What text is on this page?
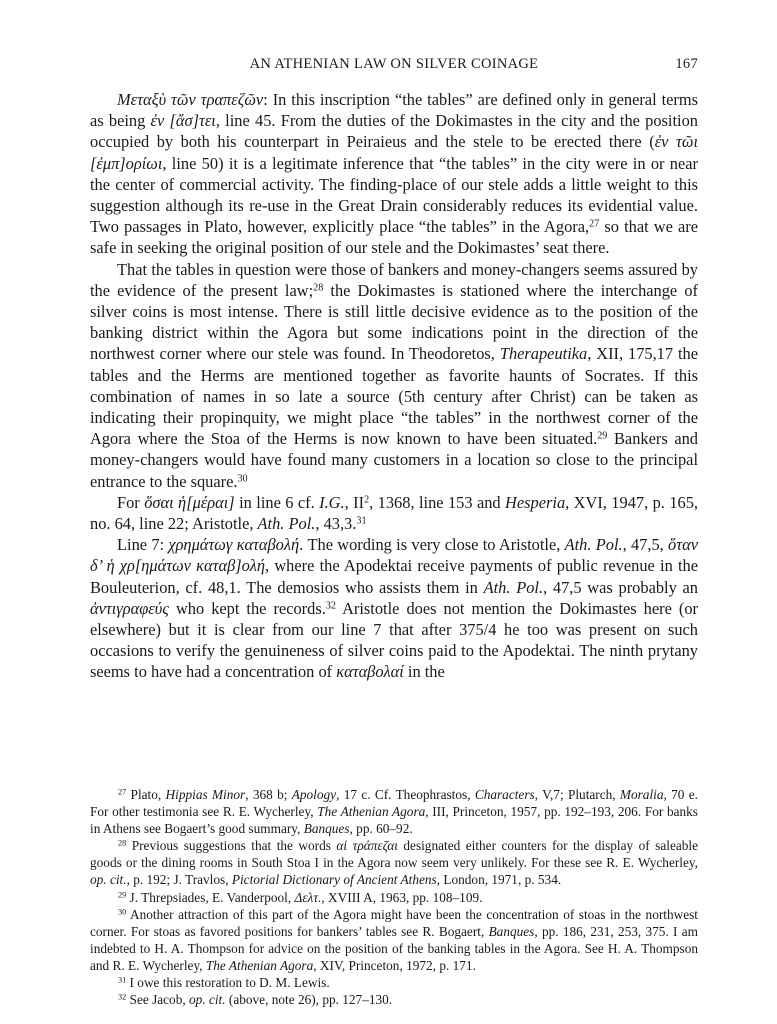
AN ATHENIAN LAW ON SILVER COINAGE	167

Μεταξὺ τῶν τραπεζῶν: In this inscription “the tables” are defined only in general terms as being ἐν [ἄσ]τει, line 45. From the duties of the Dokimastes in the city and the position occupied by both his counterpart in Peiraieus and the stele to be erected there (ἐν τῶι [ἐμπ]ορίωι, line 50) it is a legitimate inference that “the tables” in the city were in or near the center of commercial activity. The finding-place of our stele adds a little weight to this suggestion although its re-use in the Great Drain considerably reduces its evidential value. Two passages in Plato, however, explicitly place “the tables” in the Agora,$^{27}$ so that we are safe in seeking the original position of our stele and the Dokimastes’ seat there.

That the tables in question were those of bankers and money-changers seems assured by the evidence of the present law;$^{28}$ the Dokimastes is stationed where the interchange of silver coins is most intense. There is still little decisive evidence as to the position of the banking district within the Agora but some indications point in the direction of the northwest corner where our stele was found. In Theodoretos, Therapeutika, XII, 175,17 the tables and the Herms are mentioned together as favorite haunts of Socrates. If this combination of names in so late a source (5th century after Christ) can be taken as indicating their propinquity, we might place “the tables” in the northwest corner of the Agora where the Stoa of the Herms is now known to have been situated.$^{29}$ Bankers and money-changers would have found many customers in a location so close to the principal entrance to the square.$^{30}$

For ὅσαι ἡ[μέραι] in line 6 cf. I.G., $II^2$, 1368, line 153 and Hesperia, XVI, 1947, p. 165, no. 64, line 22; Aristotle, Ath. Pol., 43,3.31

Line 7: χρημάτωγ καταβολή. The wording is very close to Aristotle, Ath. Pol., 47,5, ὅταν δ’ ἡ χρ[ημάτων καταβ]ολή, where the Apodektai receive payments of public revenue in the Bouleuterion, cf. 48,1. The demosios who assists them in Ath. Pol., 47,5 was probably an ἀντιγραφεύς who kept the records.$^{32}$ Aristotle does not mention the Dokimastes here (or elsewhere) but it is clear from our line 7 that after 375/4 he too was present on such occasions to verify the genuineness of silver coins paid to the Apodektai. The ninth prytany seems to have had a concentration of καταβολαί in the

$^{27}$ Plato, Hippias Minor, 368 b; Apology, 17 c. Cf. Theophrastos, Characters, V,7; Plutarch, Moralia, 70 e. For other testimonia see R. E. Wycherley, The Athenian Agora, III, Princeton, 1957, pp. 192–193, 206. For banks in Athens see Bogaert’s good summary, Banques, pp. 60–92.

$^{28}$ Previous suggestions that the words αἱ τράπεζαι designated either counters for the display of saleable goods or the dining rooms in South Stoa I in the Agora now seem very unlikely. For these see R. E. Wycherley, op. cit., p. 192; J. Travlos, Pictorial Dictionary of Ancient Athens, London, 1971, p. 534.

$^{29}$ J. Threpsiades, E. Vanderpool, Δελτ., XVIII A, 1963, pp. 108–109.

$^{30}$ Another attraction of this part of the Agora might have been the concentration of stoas in the northwest corner. For stoas as favored positions for bankers’ tables see R. Bogaert, Banques, pp. 186, 231, 253, 375. I am indebted to H. A. Thompson for advice on the position of the banking tables in the Agora. See H. A. Thompson and R. E. Wycherley, The Athenian Agora, XIV, Princeton, 1972, p. 171.

$^{31}$ I owe this restoration to D. M. Lewis.

$^{32}$ See Jacob, op. cit. (above, note 26), pp. 127–130.
